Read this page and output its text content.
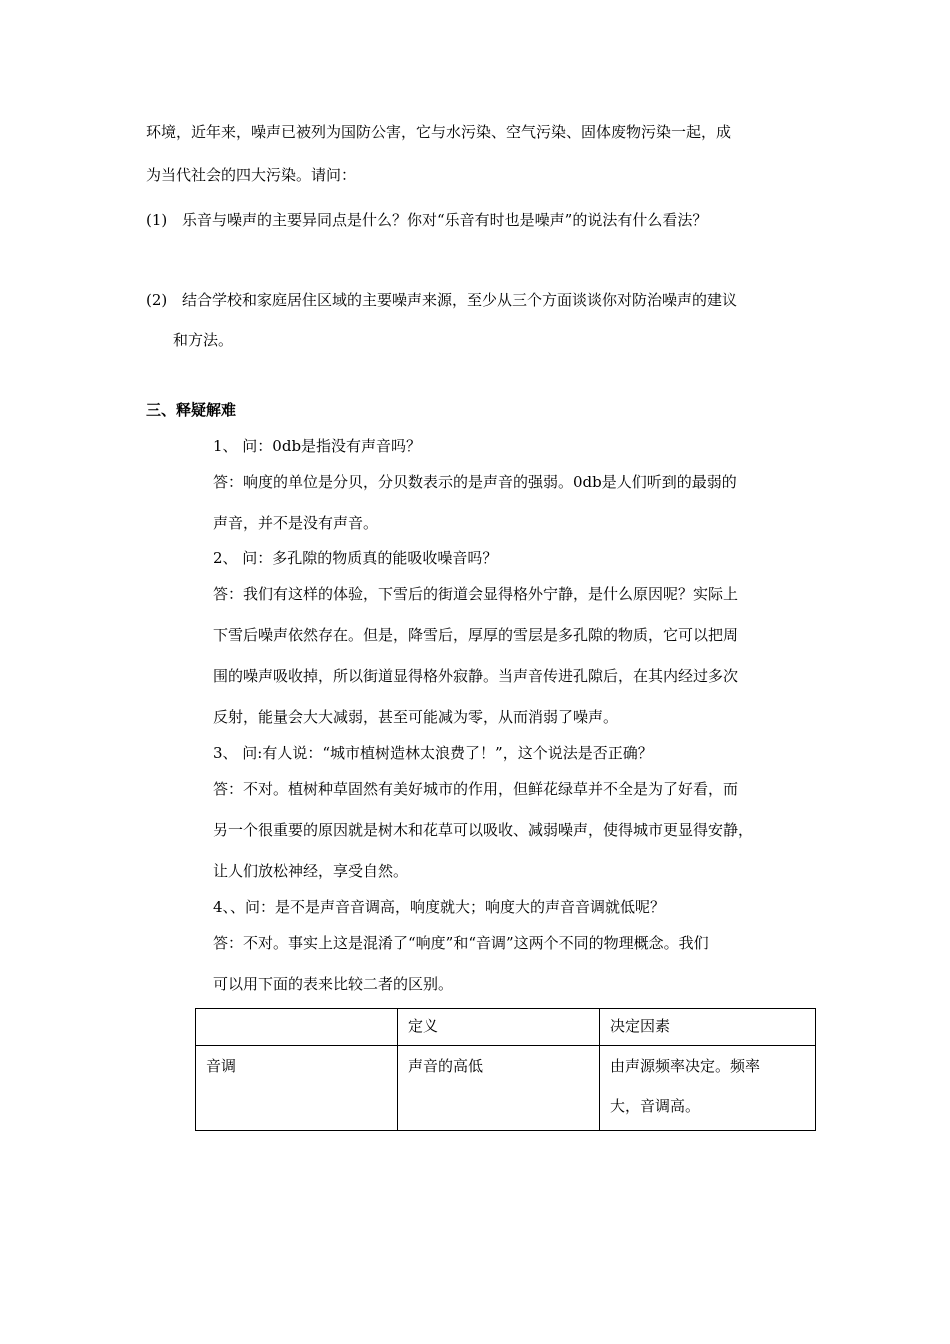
环境，近年来，噪声已被列为国防公害，它与水污染、空气污染、固体废物污染一起，成
为当代社会的四大污染。请问：
(1) 乐音与噪声的主要异同点是什么？你对“乐音有时也是噪声”的说法有什么看法？
(2) 结合学校和家庭居住区域的主要噪声来源，至少从三个方面谈谈你对防治噪声的建议
和方法。
三、释疑解难
1、 问：0db是指没有声音吗？
答：响度的单位是分贝，分贝数表示的是声音的强弱。0db是人们听到的最弱的
声音，并不是没有声音。
2、 问：多孔隙的物质真的能吸收噪音吗？
答：我们有这样的体验，下雪后的街道会显得格外宁静，是什么原因呢？实际上
下雪后噪声依然存在。但是，降雪后，厚厚的雪层是多孔隙的物质，它可以把周
围的噪声吸收掉，所以街道显得格外寂静。当声音传进孔隙后，在其内经过多次
反射，能量会大大减弱，甚至可能减为零，从而消弱了噪声。
3、 问:有人说：“城市植树造林太浪费了！”，这个说法是否正确？
答：不对。植树种草固然有美好城市的作用，但鲜花绿草并不全是为了好看，而
另一个很重要的原因就是树木和花草可以吸收、减弱噪声，使得城市更显得安静，
让人们放松神经，享受自然。
4、、问：是不是声音音调高，响度就大；响度大的声音音调就低呢？
答：不对。事实上这是混淆了“响度”和“音调”这两个不同的物理概念。我们
可以用下面的表来比较二者的区别。
	定义	决定因素
音调	声音的高低	由声源频率决定。频率
大，音调高。
